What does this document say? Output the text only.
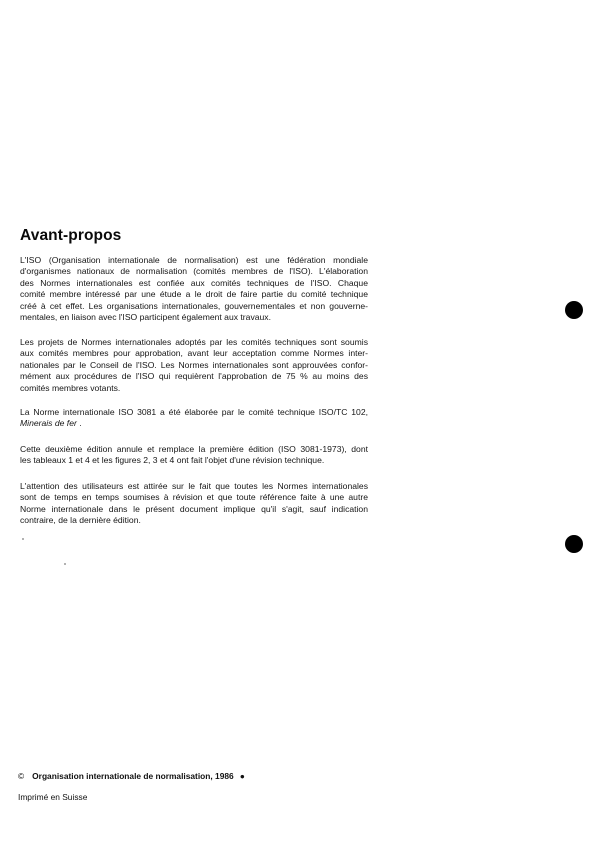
Avant-propos
L'ISO (Organisation internationale de normalisation) est une fédération mondiale
d'organismes nationaux de normalisation (comités membres de l'ISO). L'élaboration
des Normes internationales est confiée aux comités techniques de l'ISO. Chaque
comité membre intéressé par une étude a le droit de faire partie du comité technique
créé à cet effet. Les organisations internationales, gouvernementales et non gouverne-
mentales, en liaison avec l'ISO participent également aux travaux.
Les projets de Normes internationales adoptés par les comités techniques sont soumis
aux comités membres pour approbation, avant leur acceptation comme Normes inter-
nationales par le Conseil de l'ISO. Les Normes internationales sont approuvées confor-
mément aux procédures de l'ISO qui requièrent l'approbation de 75 % au moins des
comités membres votants.
La Norme internationale ISO 3081 a été élaborée par le comité technique ISO/TC 102,
Minerais de fer .
Cette deuxième édition annule et remplace la première édition (ISO 3081-1973), dont
les tableaux 1 et 4 et les figures 2, 3 et 4 ont fait l'objet d'une révision technique.
L'attention des utilisateurs est attirée sur le fait que toutes les Normes internationales
sont de temps en temps soumises à révision et que toute référence faite à une autre
Norme internationale dans le présent document implique qu'il s'agit, sauf indication
contraire, de la dernière édition.
© Organisation internationale de normalisation, 1986 ●
Imprimé en Suisse
